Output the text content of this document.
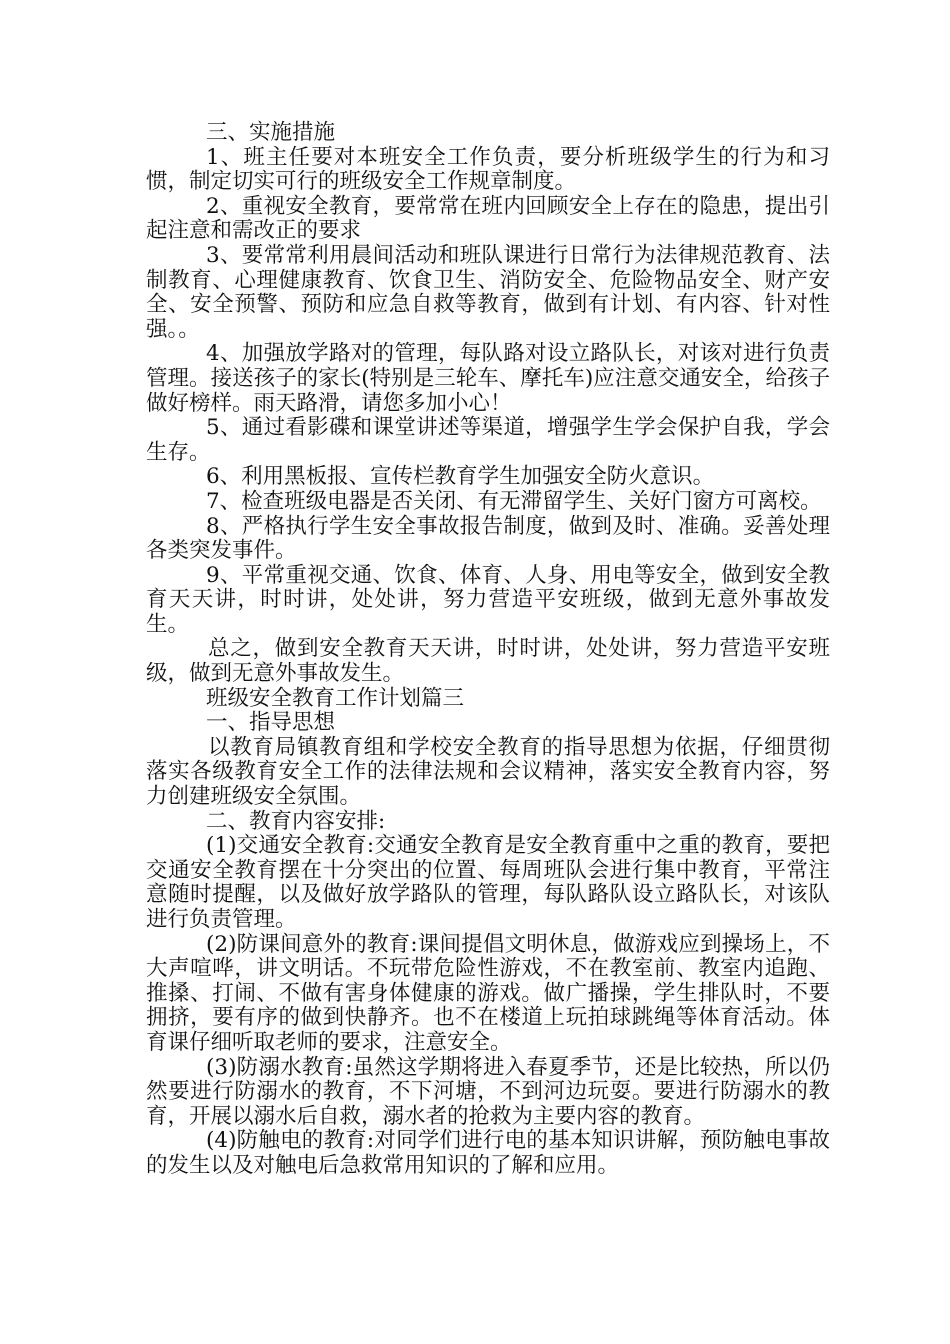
三、实施措施

1、班主任要对本班安全工作负责，要分析班级学生的行为和习惯，制定切实可行的班级安全工作规章制度。

2、重视安全教育，要常常在班内回顾安全上存在的隐患，提出引起注意和需改正的要求

3、要常常利用晨间活动和班队课进行日常行为法律规范教育、法制教育、心理健康教育、饮食卫生、消防安全、危险物品安全、财产安全、安全预警、预防和应急自救等教育，做到有计划、有内容、针对性强。。

4、加强放学路对的管理，每队路对设立路队长，对该对进行负责管理。接送孩子的家长(特别是三轮车、摩托车)应注意交通安全，给孩子做好榜样。雨天路滑，请您多加小心！

5、通过看影碟和课堂讲述等渠道，增强学生学会保护自我，学会生存。

6、利用黑板报、宣传栏教育学生加强安全防火意识。

7、检查班级电器是否关闭、有无滞留学生、关好门窗方可离校。

8、严格执行学生安全事故报告制度，做到及时、准确。妥善处理各类突发事件。

9、平常重视交通、饮食、体育、人身、用电等安全，做到安全教育天天讲，时时讲，处处讲，努力营造平安班级，做到无意外事故发生。

总之，做到安全教育天天讲，时时讲，处处讲，努力营造平安班级，做到无意外事故发生。

班级安全教育工作计划篇三

一、指导思想

以教育局镇教育组和学校安全教育的指导思想为依据，仔细贯彻落实各级教育安全工作的法律法规和会议精神，落实安全教育内容，努力创建班级安全氛围。

二、教育内容安排:

(1)交通安全教育:交通安全教育是安全教育重中之重的教育，要把交通安全教育摆在十分突出的位置、每周班队会进行集中教育，平常注意随时提醒，以及做好放学路队的管理，每队路队设立路队长，对该队进行负责管理。

(2)防课间意外的教育:课间提倡文明休息，做游戏应到操场上，不大声喧哗，讲文明话。不玩带危险性游戏，不在教室前、教室内追跑、推搡、打闹、不做有害身体健康的游戏。做广播操，学生排队时，不要拥挤，要有序的做到快静齐。也不在楼道上玩拍球跳绳等体育活动。体育课仔细听取老师的要求，注意安全。

(3)防溺水教育:虽然这学期将进入春夏季节，还是比较热，所以仍然要进行防溺水的教育，不下河塘，不到河边玩耍。要进行防溺水的教育，开展以溺水后自救，溺水者的抢救为主要内容的教育。

(4)防触电的教育:对同学们进行电的基本知识讲解，预防触电事故的发生以及对触电后急救常用知识的了解和应用。
